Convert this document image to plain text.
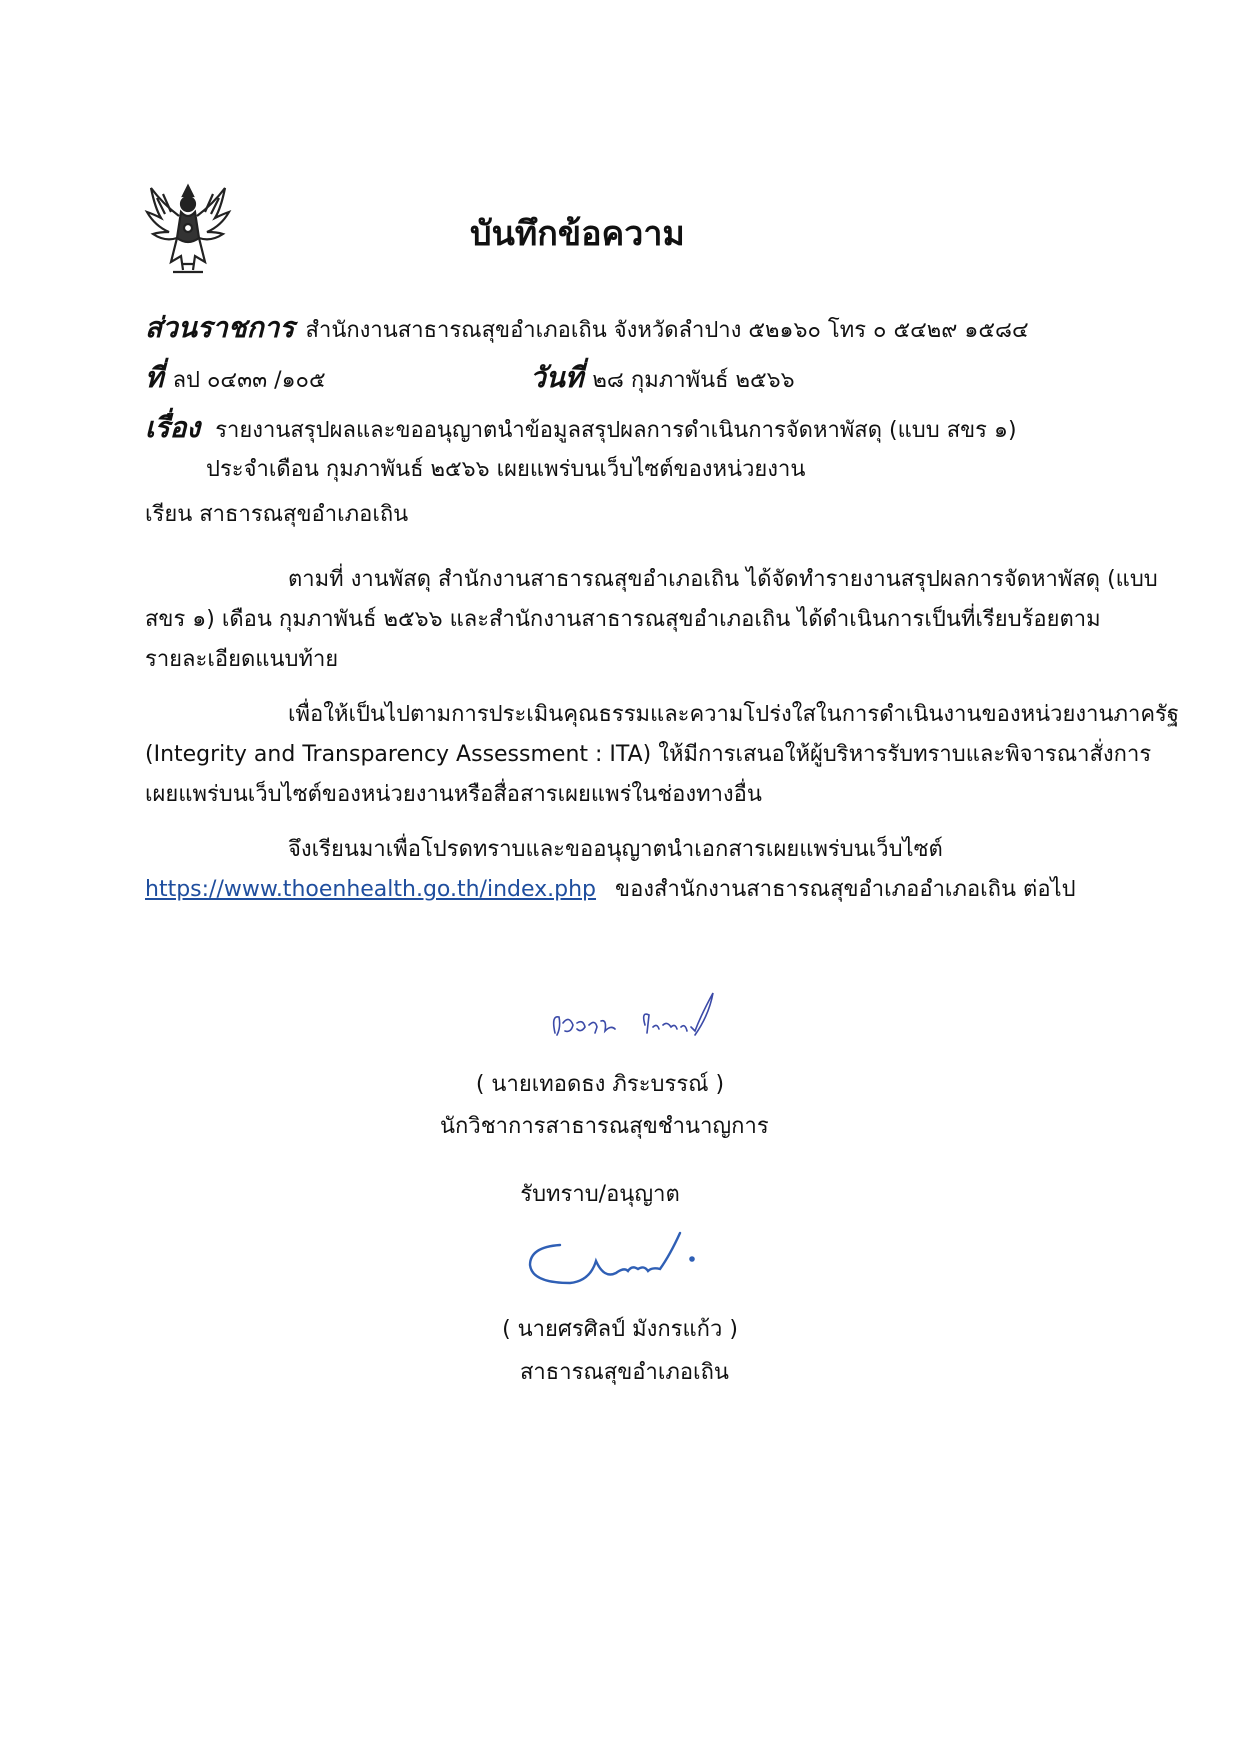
บันทึกข้อความ
ส่วนราชการ สำนักงานสาธารณสุขอำเภอเถิน จังหวัดลำปาง ๕๒๑๖๐ โทร ๐ ๕๔๒๙ ๑๕๘๔
ที่ ลป ๐๔๓๓ /๑๐๕	วันที่ ๒๘ กุมภาพันธ์ ๒๕๖๖
เรื่อง รายงานสรุปผลและขออนุญาตนำข้อมูลสรุปผลการดำเนินการจัดหาพัสดุ (แบบ สขร ๑)
ประจำเดือน กุมภาพันธ์ ๒๕๖๖ เผยแพร่บนเว็บไซต์ของหน่วยงาน
เรียน สาธารณสุขอำเภอเถิน
ตามที่ งานพัสดุ สำนักงานสาธารณสุขอำเภอเถิน ได้จัดทำรายงานสรุปผลการจัดหาพัสดุ (แบบ
สขร ๑) เดือน กุมภาพันธ์ ๒๕๖๖ และสำนักงานสาธารณสุขอำเภอเถิน ได้ดำเนินการเป็นที่เรียบร้อยตาม
รายละเอียดแนบท้าย
เพื่อให้เป็นไปตามการประเมินคุณธรรมและความโปร่งใสในการดำเนินงานของหน่วยงานภาครัฐ
(Integrity and Transparency Assessment : ITA) ให้มีการเสนอให้ผู้บริหารรับทราบและพิจารณาสั่งการ
เผยแพร่บนเว็บไซต์ของหน่วยงานหรือสื่อสารเผยแพร่ในช่องทางอื่น
จึงเรียนมาเพื่อโปรดทราบและขออนุญาตนำเอกสารเผยแพร่บนเว็บไซต์
https://www.thoenhealth.go.th/index.php ของสำนักงานสาธารณสุขอำเภออำเภอเถิน ต่อไป
( นายเทอดธง ภิระบรรณ์ )
นักวิชาการสาธารณสุขชำนาญการ
รับทราบ/อนุญาต
( นายศรศิลป์ มังกรแก้ว )
สาธารณสุขอำเภอเถิน
